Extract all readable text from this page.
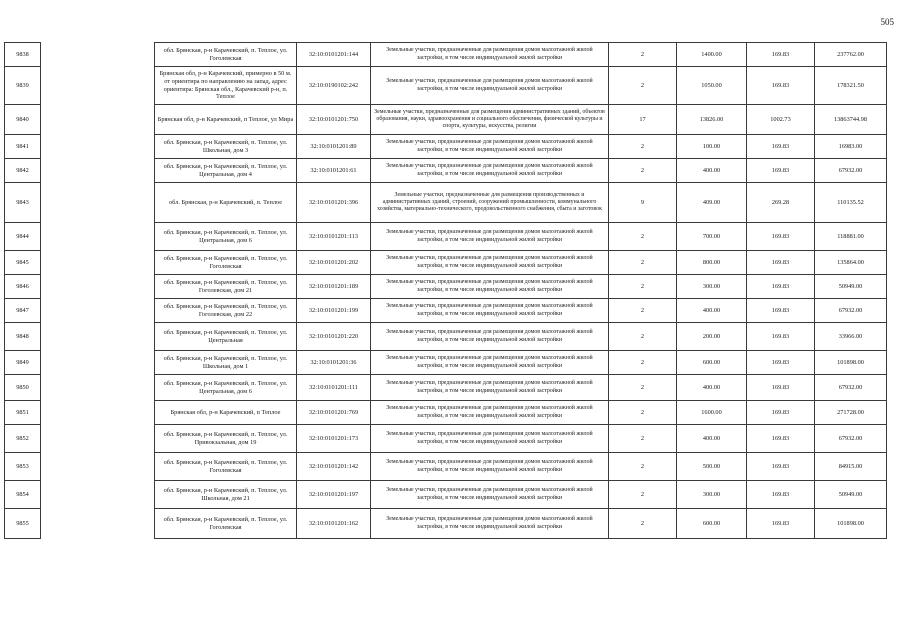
505
9838		обл. Брянская, р-н Карачевский, п. Теплое, ул. Гоголевская	32:10:0101201:144	Земельные участки, предназначенные для размещения домов малоэтажной жилой застройки, в том числе индивидуальной жилой застройки	2	1400.00	169.83	237762.00
9839		Брянская обл, р-н Карачевский, примерно в 50 м. от ориентира по направлению на запад, адрес ориентира: Брянская обл., Карачевский р-н, п. Теплое	32:10:0190102:242	Земельные участки, предназначенные для размещения домов малоэтажной жилой застройки, в том числе индивидуальной жилой застройки	2	1050.00	169.83	178321.50
9840		Брянская обл, р-н Карачевский, п Теплое, ул Мира	32:10:0101201:750	Земельные участки, предназначенные для размещения административных зданий, объектов образования, науки, здравоохранения и социального обеспечения, физической культуры и спорта, культуры, искусства, религии	17	13826.00	1002.73	13863744.98
9841		обл. Брянская, р-н Карачевский, п. Теплое, ул. Школьная, дом 3	32:10:0101201:89	Земельные участки, предназначенные для размещения домов малоэтажной жилой застройки, в том числе индивидуальной жилой застройки	2	100.00	169.83	16983.00
9842		обл. Брянская, р-н Карачевский, п. Теплое, ул. Центральная, дом 4	32:10:0101201:61	Земельные участки, предназначенные для размещения домов малоэтажной жилой застройки, в том числе индивидуальной жилой застройки	2	400.00	169.83	67932.00
9843		обл. Брянская, р-н Карачевский, п. Теплое	32:10:0101201:396	Земельные участки, предназначенные для размещения производственных и административных зданий, строений, сооружений промышленности, коммунального хозяйства, материально-технического, продовольственного снабжения, сбыта и заготовок	9	409.00	269.28	110135.52
9844		обл. Брянская, р-н Карачевский, п. Теплое, ул. Центральная, дом 6	32:10:0101201:113	Земельные участки, предназначенные для размещения домов малоэтажной жилой застройки, в том числе индивидуальной жилой застройки	2	700.00	169.83	118881.00
9845		обл. Брянская, р-н Карачевский, п. Теплое, ул. Гоголевская	32:10:0101201:202	Земельные участки, предназначенные для размещения домов малоэтажной жилой застройки, в том числе индивидуальной жилой застройки	2	800.00	169.83	135864.00
9846		обл. Брянская, р-н Карачевский, п. Теплое, ул. Гоголевская, дом 21	32:10:0101201:189	Земельные участки, предназначенные для размещения домов малоэтажной жилой застройки, в том числе индивидуальной жилой застройки	2	300.00	169.83	50949.00
9847		обл. Брянская, р-н Карачевский, п. Теплое, ул. Гоголевская, дом 22	32:10:0101201:199	Земельные участки, предназначенные для размещения домов малоэтажной жилой застройки, в том числе индивидуальной жилой застройки	2	400.00	169.83	67932.00
9848		обл. Брянская, р-н Карачевский, п. Теплое, ул. Центральная	32:10:0101201:220	Земельные участки, предназначенные для размещения домов малоэтажной жилой застройки, в том числе индивидуальной жилой застройки	2	200.00	169.83	33966.00
9849		обл. Брянская, р-н Карачевский, п. Теплое, ул. Школьная, дом 1	32:10:0101201:36	Земельные участки, предназначенные для размещения домов малоэтажной жилой застройки, в том числе индивидуальной жилой застройки	2	600.00	169.83	101898.00
9850		обл. Брянская, р-н Карачевский, п. Теплое, ул. Центральная, дом 6	32:10:0101201:111	Земельные участки, предназначенные для размещения домов малоэтажной жилой застройки, в том числе индивидуальной жилой застройки	2	400.00	169.83	67932.00
9851		Брянская обл, р-н Карачевский, п Теплое	32:10:0101201:769	Земельные участки, предназначенные для размещения домов малоэтажной жилой застройки, в том числе индивидуальной жилой застройки	2	1600.00	169.83	271728.00
9852		обл. Брянская, р-н Карачевский, п. Теплое, ул. Привокзальная, дом 19	32:10:0101201:173	Земельные участки, предназначенные для размещения домов малоэтажной жилой застройки, в том числе индивидуальной жилой застройки	2	400.00	169.83	67932.00
9853		обл. Брянская, р-н Карачевский, п. Теплое, ул. Гоголевская	32:10:0101201:142	Земельные участки, предназначенные для размещения домов малоэтажной жилой застройки, в том числе индивидуальной жилой застройки	2	500.00	169.83	84915.00
9854		обл. Брянская, р-н Карачевский, п. Теплое, ул. Школьная, дом 21	32:10:0101201:197	Земельные участки, предназначенные для размещения домов малоэтажной жилой застройки, в том числе индивидуальной жилой застройки	2	300.00	169.83	50949.00
9855		обл. Брянская, р-н Карачевский, п. Теплое, ул. Гоголевская	32:10:0101201:162	Земельные участки, предназначенные для размещения домов малоэтажной жилой застройки, в том числе индивидуальной жилой застройки	2	600.00	169.83	101898.00
